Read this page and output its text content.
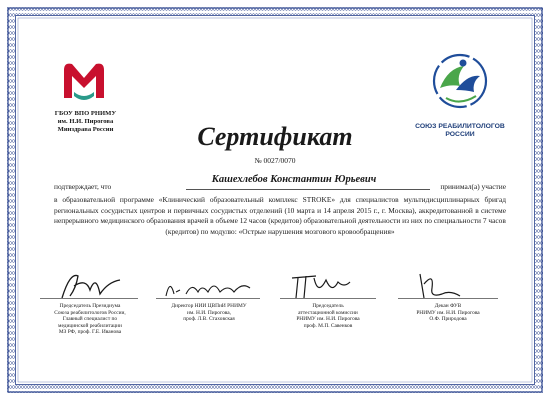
ГБОУ ВПО РНИМУ
им. Н.И. Пирогова
Минздрава России	СОЮЗ РЕАБИЛИТОЛОГОВ
РОССИИ
Сертификат
№ 0027/0070
подтверждает, что
Кашехлебов Константин Юрьевич
принимал(а) участие
в образовательной программе «Клинический образовательный комплекс STROKE» для специалистов мультидисциплинарных бригад региональных сосудистых центров и первичных сосудистых отделений (10 марта и 14 апреля 2015 г., г. Москва), аккредитованной в системе непрерывного медицинского образования врачей в объеме 12 часов (кредитов) образовательной деятельности из них по специальности 7 часов
(кредитов) по модулю: «Острые нарушения мозгового кровообращения»
Председатель Президиума
Союза реабилитологов России,
Главный специалист по
медицинской реабилитации
МЗ РФ, проф. Г.Е. Иванова
Директор НИИ ЦВПиИ РНИМУ
им. Н.И. Пирогова,
проф. Л.В. Стаховская
Председатель
аттестационной комиссии
РНИМУ им. Н.И. Пирогова
проф. М.П. Савенков
Декан ФУВ
РНИМУ им. Н.И. Пирогова
О.Ф. Природова
